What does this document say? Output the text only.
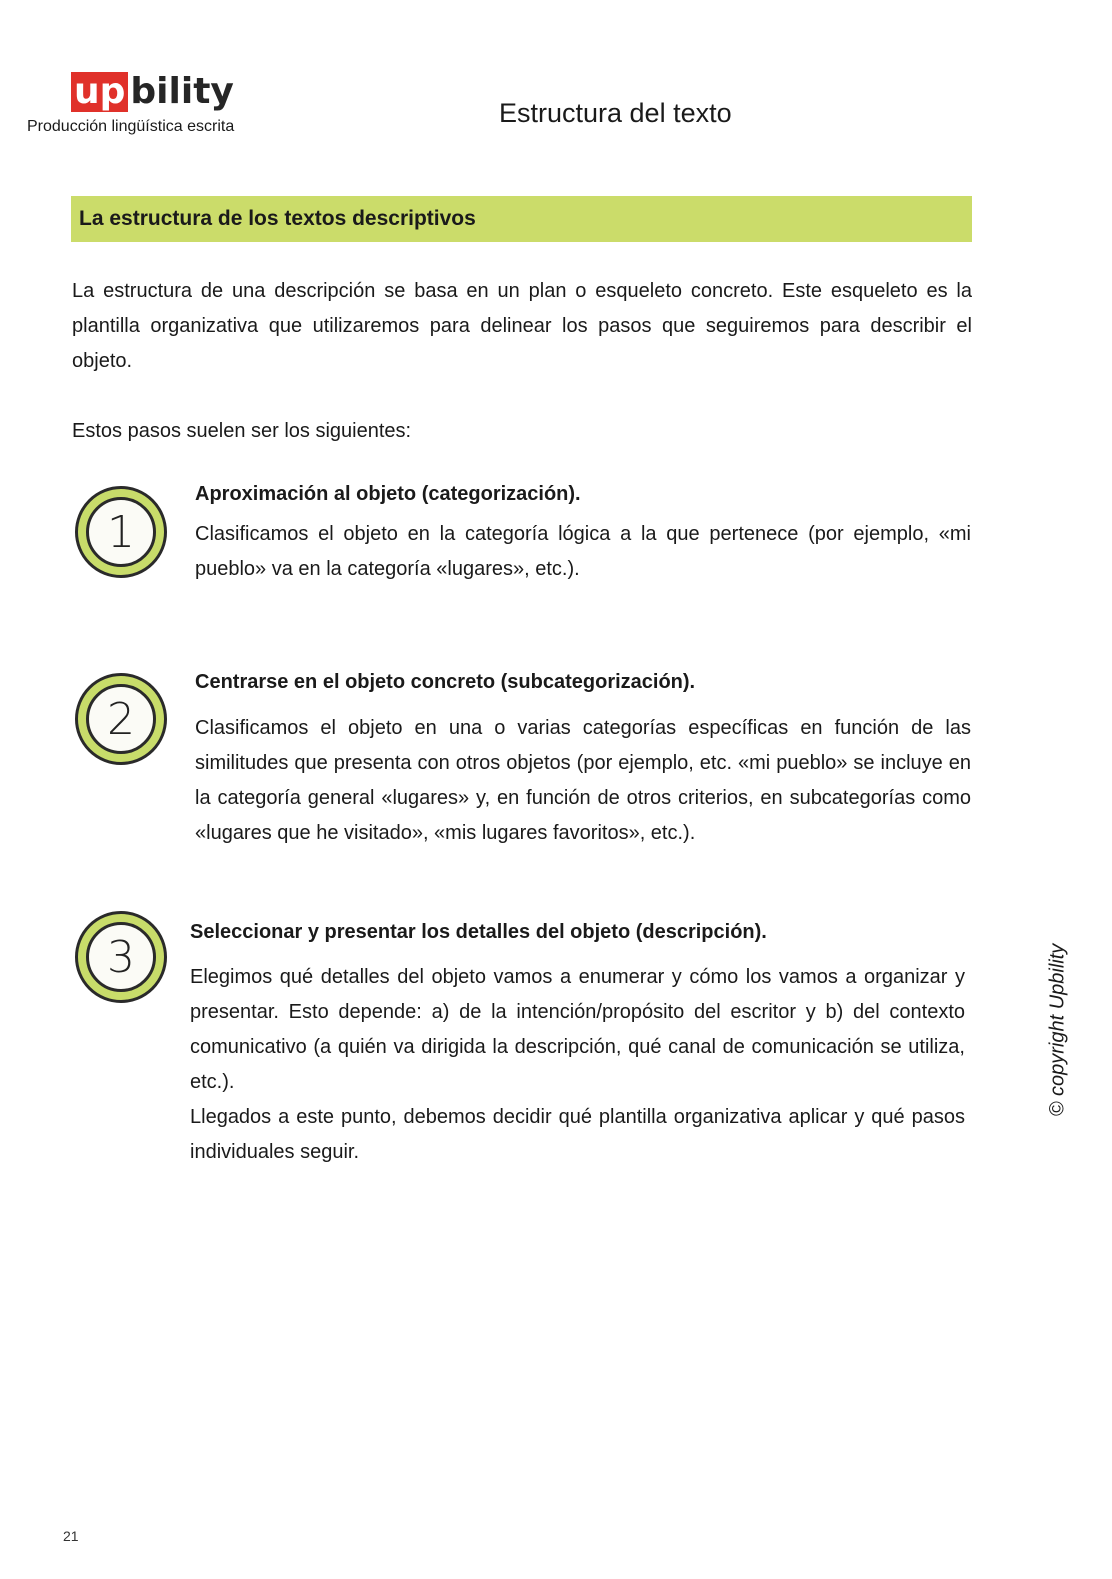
up bility
Producción lingüística escrita	Estructura del texto
La estructura de los textos descriptivos
La estructura de una descripción se basa en un plan o esqueleto concreto. Este esqueleto es la plantilla organizativa que utilizaremos para delinear los pasos que seguiremos para describir el objeto.
Estos pasos suelen ser los siguientes:
1
Aproximación al objeto (categorización).
Clasificamos el objeto en la categoría lógica a la que pertenece (por ejemplo, «mi pueblo» va en la categoría «lugares», etc.).
2
Centrarse en el objeto concreto (subcategorización).
Clasificamos el objeto en una o varias categorías específicas en función de las similitudes que presenta con otros objetos (por ejemplo, etc. «mi pueblo» se incluye en la categoría general «lugares» y, en función de otros criterios, en subcategorías como «lugares que he visitado», «mis lugares favoritos», etc.).
3	Seleccionar y presentar los detalles del objeto (descripción).
Elegimos qué detalles del objeto vamos a enumerar y cómo los vamos a organizar y presentar. Esto depende: a) de la intención/propósito del escritor y b) del contexto comunicativo (a quién va dirigida la descripción, qué canal de comunicación se utiliza, etc.).
Llegados a este punto, debemos decidir qué plantilla organizativa aplicar y qué pasos individuales seguir.
© copyright Upbility
21
